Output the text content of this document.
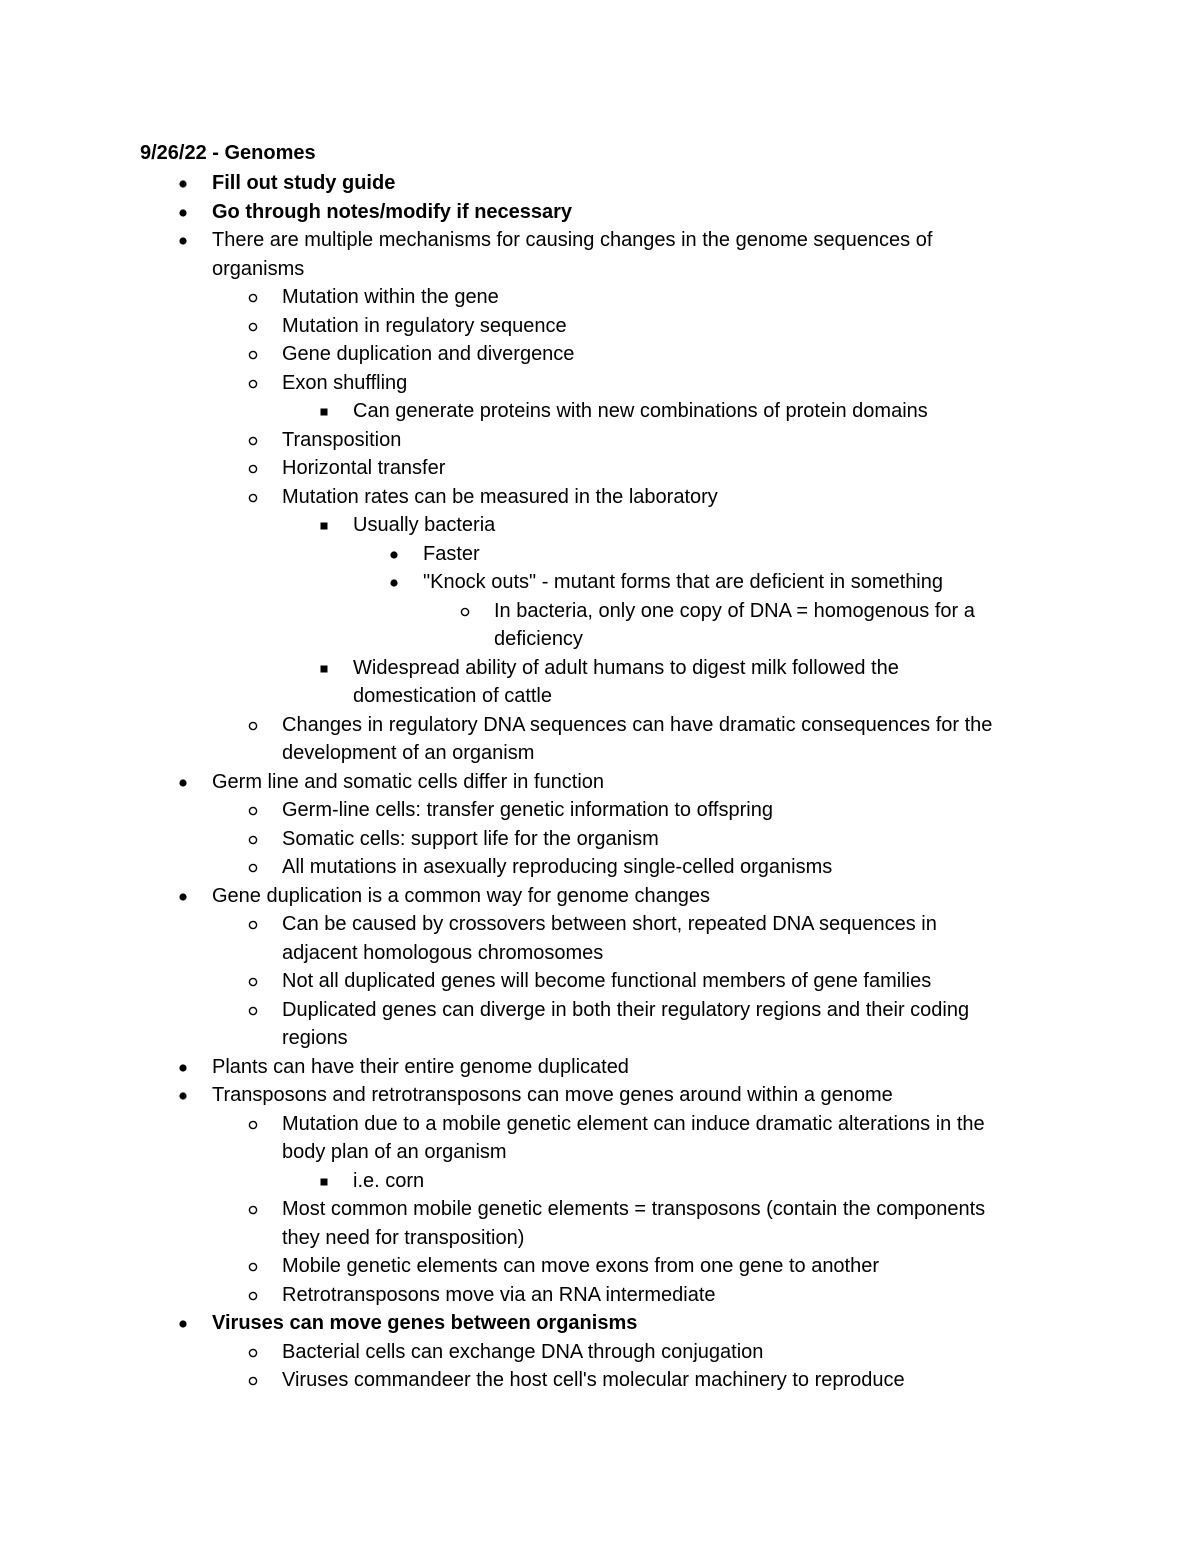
9/26/22 - Genomes
Fill out study guide
Go through notes/modify if necessary
There are multiple mechanisms for causing changes in the genome sequences of
organisms
Mutation within the gene
Mutation in regulatory sequence
Gene duplication and divergence
Exon shuffling
Can generate proteins with new combinations of protein domains
Transposition
Horizontal transfer
Mutation rates can be measured in the laboratory
Usually bacteria
Faster
"Knock outs" - mutant forms that are deficient in something
In bacteria, only one copy of DNA = homogenous for a
deficiency
Widespread ability of adult humans to digest milk followed the
domestication of cattle
Changes in regulatory DNA sequences can have dramatic consequences for the
development of an organism
Germ line and somatic cells differ in function
Germ-line cells: transfer genetic information to offspring
Somatic cells: support life for the organism
All mutations in asexually reproducing single-celled organisms
Gene duplication is a common way for genome changes
Can be caused by crossovers between short, repeated DNA sequences in
adjacent homologous chromosomes
Not all duplicated genes will become functional members of gene families
Duplicated genes can diverge in both their regulatory regions and their coding
regions
Plants can have their entire genome duplicated
Transposons and retrotransposons can move genes around within a genome
Mutation due to a mobile genetic element can induce dramatic alterations in the
body plan of an organism
i.e. corn
Most common mobile genetic elements = transposons (contain the components
they need for transposition)
Mobile genetic elements can move exons from one gene to another
Retrotransposons move via an RNA intermediate
Viruses can move genes between organisms
Bacterial cells can exchange DNA through conjugation
Viruses commandeer the host cell's molecular machinery to reproduce
